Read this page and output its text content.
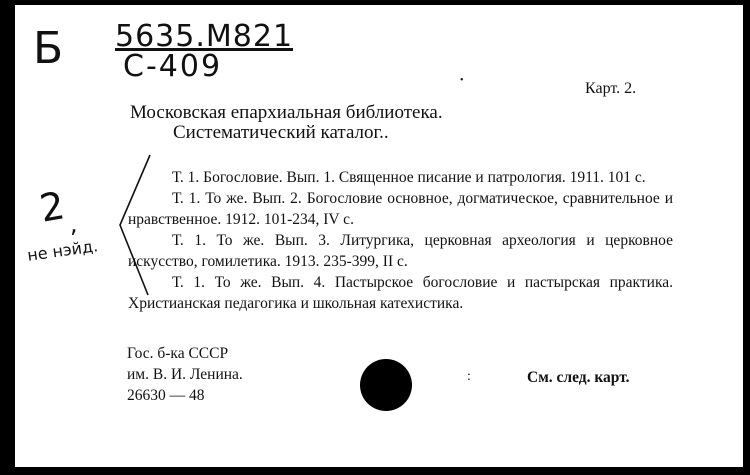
Б 5635.M821
С-409
2 ,
не нэйд.
Карт. 2.
•
Московская епархиальная библиотека.
Систематический каталог..

Т. 1. Богословие. Вып. 1. Священное писание и патрология. 1911. 101 с.

Т. 1. То же. Вып. 2. Богословие основное, догматическое, сравнительное и нравственное. 1912. 101-234, IV с.

Т. 1. То же. Вып. 3. Литургика, церковная археология и церковное искусство, гомилетика. 1913. 235-399, II с.

Т. 1. То же. Вып. 4. Пастырское богословие и пастырская практика. Христианская педагогика и школьная катехистика.

Гос. б-ка СССР
им. В. И. Ленина.
26630 — 48
:	См. след. карт.
